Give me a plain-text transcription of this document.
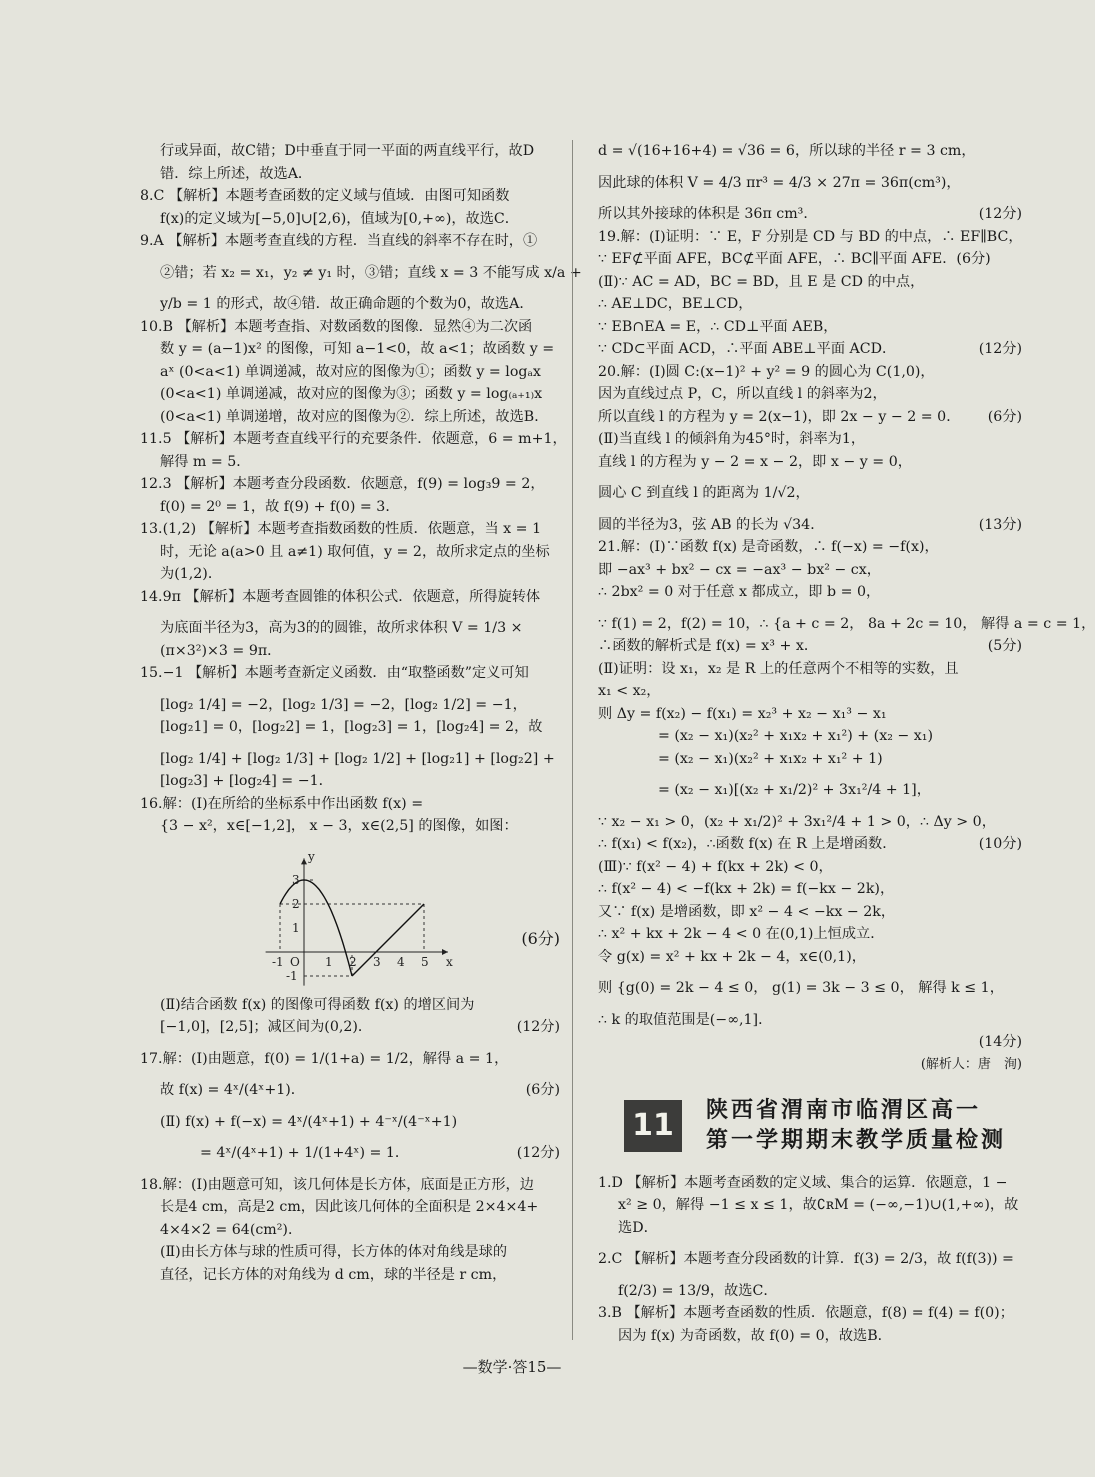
行或异面，故C错；D中垂直于同一平面的两直线平行，故D
错．综上所述，故选A．
8.C 【解析】本题考查函数的定义域与值域．由图可知函数
f(x)的定义域为[−5,0]∪[2,6)，值域为[0,+∞)，故选C．
9.A 【解析】本题考查直线的方程．当直线的斜率不存在时，①
②错；若 x₂ = x₁，y₂ ≠ y₁ 时，③错；直线 x = 3 不能写成 x/a +
y/b = 1 的形式，故④错．故正确命题的个数为0，故选A．
10.B 【解析】本题考查指、对数函数的图像．显然④为二次函
数 y = (a−1)x² 的图像，可知 a−1<0，故 a<1；故函数 y =
aˣ (0<a<1) 单调递减，故对应的图像为①；函数 y = logₐx
(0<a<1) 单调递减，故对应的图像为③；函数 y = log₍ₐ₊₁₎x
(0<a<1) 单调递增，故对应的图像为②．综上所述，故选B．
11.5 【解析】本题考查直线平行的充要条件．依题意，6 = m+1，
解得 m = 5．
12.3 【解析】本题考查分段函数．依题意，f(9) = log₃9 = 2，
f(0) = 2⁰ = 1，故 f(9) + f(0) = 3．
13.(1,2) 【解析】本题考查指数函数的性质．依题意，当 x = 1
时，无论 a(a>0 且 a≠1) 取何值，y = 2，故所求定点的坐标
为(1,2)．
14.9π 【解析】本题考查圆锥的体积公式．依题意，所得旋转体
为底面半径为3，高为3的的圆锥，故所求体积 V = 1/3 ×
(π×3²)×3 = 9π．
15.−1 【解析】本题考查新定义函数．由“取整函数”定义可知
[log₂ 1/4] = −2，[log₂ 1/3] = −2，[log₂ 1/2] = −1，
[log₂1] = 0，[log₂2] = 1，[log₂3] = 1，[log₂4] = 2，故
[log₂ 1/4] + [log₂ 1/3] + [log₂ 1/2] + [log₂1] + [log₂2] +
[log₂3] + [log₂4] = −1．
16.解：(Ⅰ)在所给的坐标系中作出函数 f(x) =
{3 − x²，x∈[−1,2]， x − 3，x∈(2,5] 的图像，如图：
x
y
O
-1	1 2 3 4 5
-1
1
2
3
(6分)
(Ⅱ)结合函数 f(x) 的图像可得函数 f(x) 的增区间为
[−1,0]，[2,5]；减区间为(0,2)．	(12分)
17.解：(Ⅰ)由题意，f(0) = 1/(1+a) = 1/2，解得 a = 1，
故 f(x) = 4ˣ/(4ˣ+1)．	(6分)
(Ⅱ) f(x) + f(−x) = 4ˣ/(4ˣ+1) + 4⁻ˣ/(4⁻ˣ+1)
= 4ˣ/(4ˣ+1) + 1/(1+4ˣ) = 1．	(12分)
18.解：(Ⅰ)由题意可知，该几何体是长方体，底面是正方形，边
长是4 cm，高是2 cm，因此该几何体的全面积是 2×4×4+
4×4×2 = 64(cm²)．
(Ⅱ)由长方体与球的性质可得，长方体的体对角线是球的
直径，记长方体的对角线为 d cm，球的半径是 r cm，
d = √(16+16+4) = √36 = 6，所以球的半径 r = 3 cm，
因此球的体积 V = 4/3 πr³ = 4/3 × 27π = 36π(cm³)，
所以其外接球的体积是 36π cm³．	(12分)
19.解：(Ⅰ)证明：∵ E，F 分别是 CD 与 BD 的中点，∴ EF∥BC，
∵ EF⊄平面 AFE，BC⊄平面 AFE，∴ BC∥平面 AFE．(6分)
(Ⅱ)∵ AC = AD，BC = BD，且 E 是 CD 的中点，
∴ AE⊥DC，BE⊥CD，
∵ EB∩EA = E，∴ CD⊥平面 AEB，
∵ CD⊂平面 ACD，∴平面 ABE⊥平面 ACD．	(12分)
20.解：(Ⅰ)圆 C:(x−1)² + y² = 9 的圆心为 C(1,0)，
因为直线过点 P，C，所以直线 l 的斜率为2，
所以直线 l 的方程为 y = 2(x−1)，即 2x − y − 2 = 0． (6分)
(Ⅱ)当直线 l 的倾斜角为45°时，斜率为1，
直线 l 的方程为 y − 2 = x − 2，即 x − y = 0，
圆心 C 到直线 l 的距离为 1/√2，
圆的半径为3，弦 AB 的长为 √34．	(13分)
21.解：(Ⅰ)∵函数 f(x) 是奇函数，∴ f(−x) = −f(x)，
即 −ax³ + bx² − cx = −ax³ − bx² − cx，
∴ 2bx² = 0 对于任意 x 都成立，即 b = 0，
∵ f(1) = 2，f(2) = 10，∴ {a + c = 2， 8a + 2c = 10， 解得 a = c = 1，
∴函数的解析式是 f(x) = x³ + x．	(5分)
(Ⅱ)证明：设 x₁，x₂ 是 R 上的任意两个不相等的实数，且
x₁ < x₂，
则 Δy = f(x₂) − f(x₁) = x₂³ + x₂ − x₁³ − x₁
= (x₂ − x₁)(x₂² + x₁x₂ + x₁²) + (x₂ − x₁)
= (x₂ − x₁)(x₂² + x₁x₂ + x₁² + 1)
= (x₂ − x₁)[(x₂ + x₁/2)² + 3x₁²/4 + 1]，
∵ x₂ − x₁ > 0，(x₂ + x₁/2)² + 3x₁²/4 + 1 > 0，∴ Δy > 0，
∴ f(x₁) < f(x₂)，∴函数 f(x) 在 R 上是增函数．	(10分)
(Ⅲ)∵ f(x² − 4) + f(kx + 2k) < 0，
∴ f(x² − 4) < −f(kx + 2k) = f(−kx − 2k)，
又∵ f(x) 是增函数，即 x² − 4 < −kx − 2k，
∴ x² + kx + 2k − 4 < 0 在(0,1)上恒成立．
令 g(x) = x² + kx + 2k − 4，x∈(0,1)，
则 {g(0) = 2k − 4 ≤ 0， g(1) = 3k − 3 ≤ 0， 解得 k ≤ 1，
∴ k 的取值范围是(−∞,1]．
(14分)
(解析人：唐　洵)
11	陕西省渭南市临渭区高一
第一学期期末教学质量检测
1.D 【解析】本题考查函数的定义域、集合的运算．依题意，1 −
x² ≥ 0，解得 −1 ≤ x ≤ 1，故∁ʀM = (−∞,−1)∪(1,+∞)，故
选D．
2.C 【解析】本题考查分段函数的计算．f(3) = 2/3，故 f(f(3)) =
f(2/3) = 13/9，故选C．
3.B 【解析】本题考查函数的性质．依题意，f(8) = f(4) = f(0)；
因为 f(x) 为奇函数，故 f(0) = 0，故选B．
—数学·答15—
